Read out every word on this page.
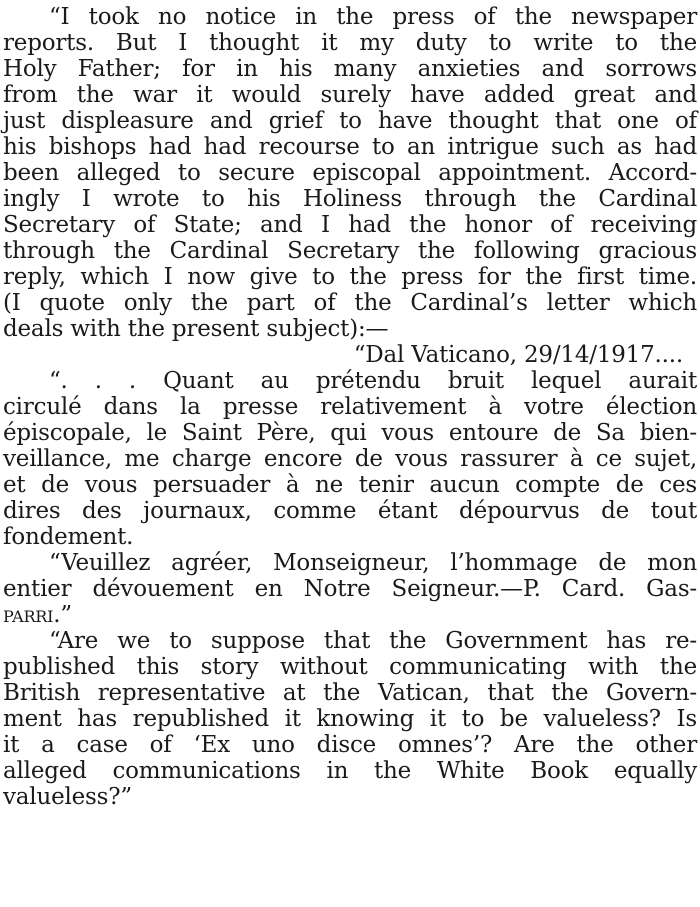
“I took no notice in the press of the newspaper
reports. But I thought it my duty to write to the
Holy Father; for in his many anxieties and sorrows
from the war it would surely have added great and
just displeasure and grief to have thought that one of
his bishops had had recourse to an intrigue such as had
been alleged to secure episcopal appointment. Accord-
ingly I wrote to his Holiness through the Cardinal
Secretary of State; and I had the honor of receiving
through the Cardinal Secretary the following gracious
reply, which I now give to the press for the first time.
(I quote only the part of the Cardinal’s letter which
deals with the present subject):—
“Dal Vaticano, 29/14/1917....
“. . . Quant au prétendu bruit lequel aurait
circulé dans la presse relativement à votre élection
épiscopale, le Saint Père, qui vous entoure de Sa bien-
veillance, me charge encore de vous rassurer à ce sujet,
et de vous persuader à ne tenir aucun compte de ces
dires des journaux, comme étant dépourvus de tout
fondement.
“Veuillez agréer, Monseigneur, l’hommage de mon
entier dévouement en Notre Seigneur.—P. Card. Gas-
parri.”
“Are we to suppose that the Government has re-
published this story without communicating with the
British representative at the Vatican, that the Govern-
ment has republished it knowing it to be valueless? Is
it a case of ‘Ex uno disce omnes’? Are the other
alleged communications in the White Book equally
valueless?”
